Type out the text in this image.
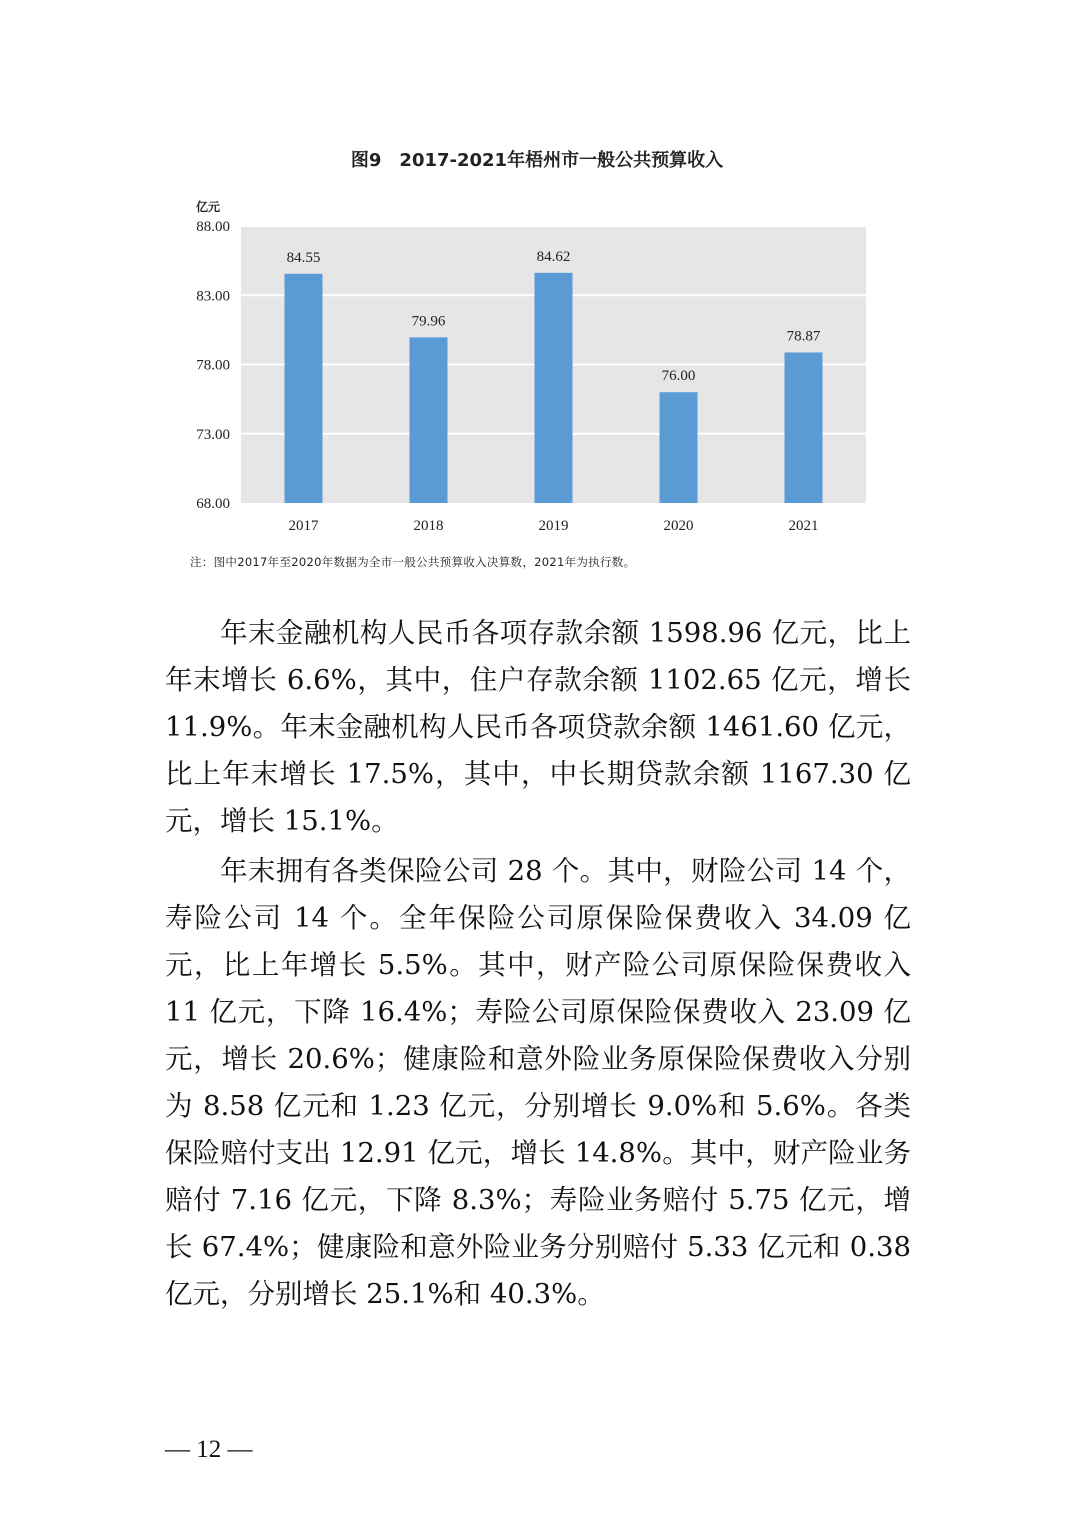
图9　2017-2021年梧州市一般公共预算收入
68.00
73.00
78.00
83.00
88.00
亿元
84.55
79.96
84.62
76.00
78.87
2017	2018	2019	2020	2021
注：图中2017年至2020年数据为全市一般公共预算收入决算数，2021年为执行数。

年末金融机构人民币各项存款余额 1598.96 亿元，比上年末增长 6.6%，其中，住户存款余额 1102.65 亿元，增长 11.9%。年末金融机构人民币各项贷款余额 1461.60 亿元，比上年末增长 17.5%，其中，中长期贷款余额 1167.30 亿元，增长 15.1%。

年末拥有各类保险公司 28 个。其中，财险公司 14 个，寿险公司 14 个。全年保险公司原保险保费收入 34.09 亿元，比上年增长 5.5%。其中，财产险公司原保险保费收入 11 亿元，下降 16.4%；寿险公司原保险保费收入 23.09 亿元，增长 20.6%；健康险和意外险业务原保险保费收入分别为 8.58 亿元和 1.23 亿元，分别增长 9.0%和 5.6%。各类保险赔付支出 12.91 亿元，增长 14.8%。其中，财产险业务赔付 7.16 亿元，下降 8.3%；寿险业务赔付 5.75 亿元，增长 67.4%；健康险和意外险业务分别赔付 5.33 亿元和 0.38 亿元，分别增长 25.1%和 40.3%。

— 12 —
